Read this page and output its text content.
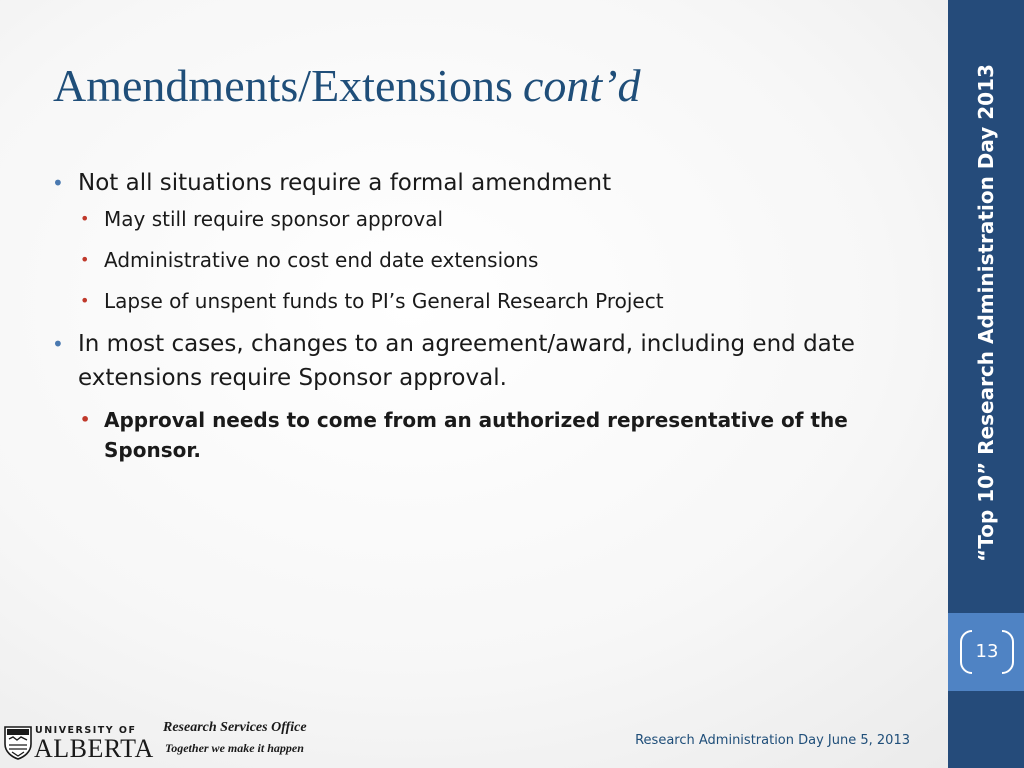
Amendments/Extensions cont’d
• Not all situations require a formal amendment
• May still require sponsor approval
• Administrative no cost end date extensions
• Lapse of unspent funds to PI’s General Research Project
• In most cases, changes to an agreement/award, including end date extensions require Sponsor approval.
• Approval needs to come from an authorized representative of the Sponsor.	“Top 10” Research Administration Day 2013
13
UNIVERSITY OF
ALBERTA
Research Services Office
Together we make it happen	Research Administration Day June 5, 2013
